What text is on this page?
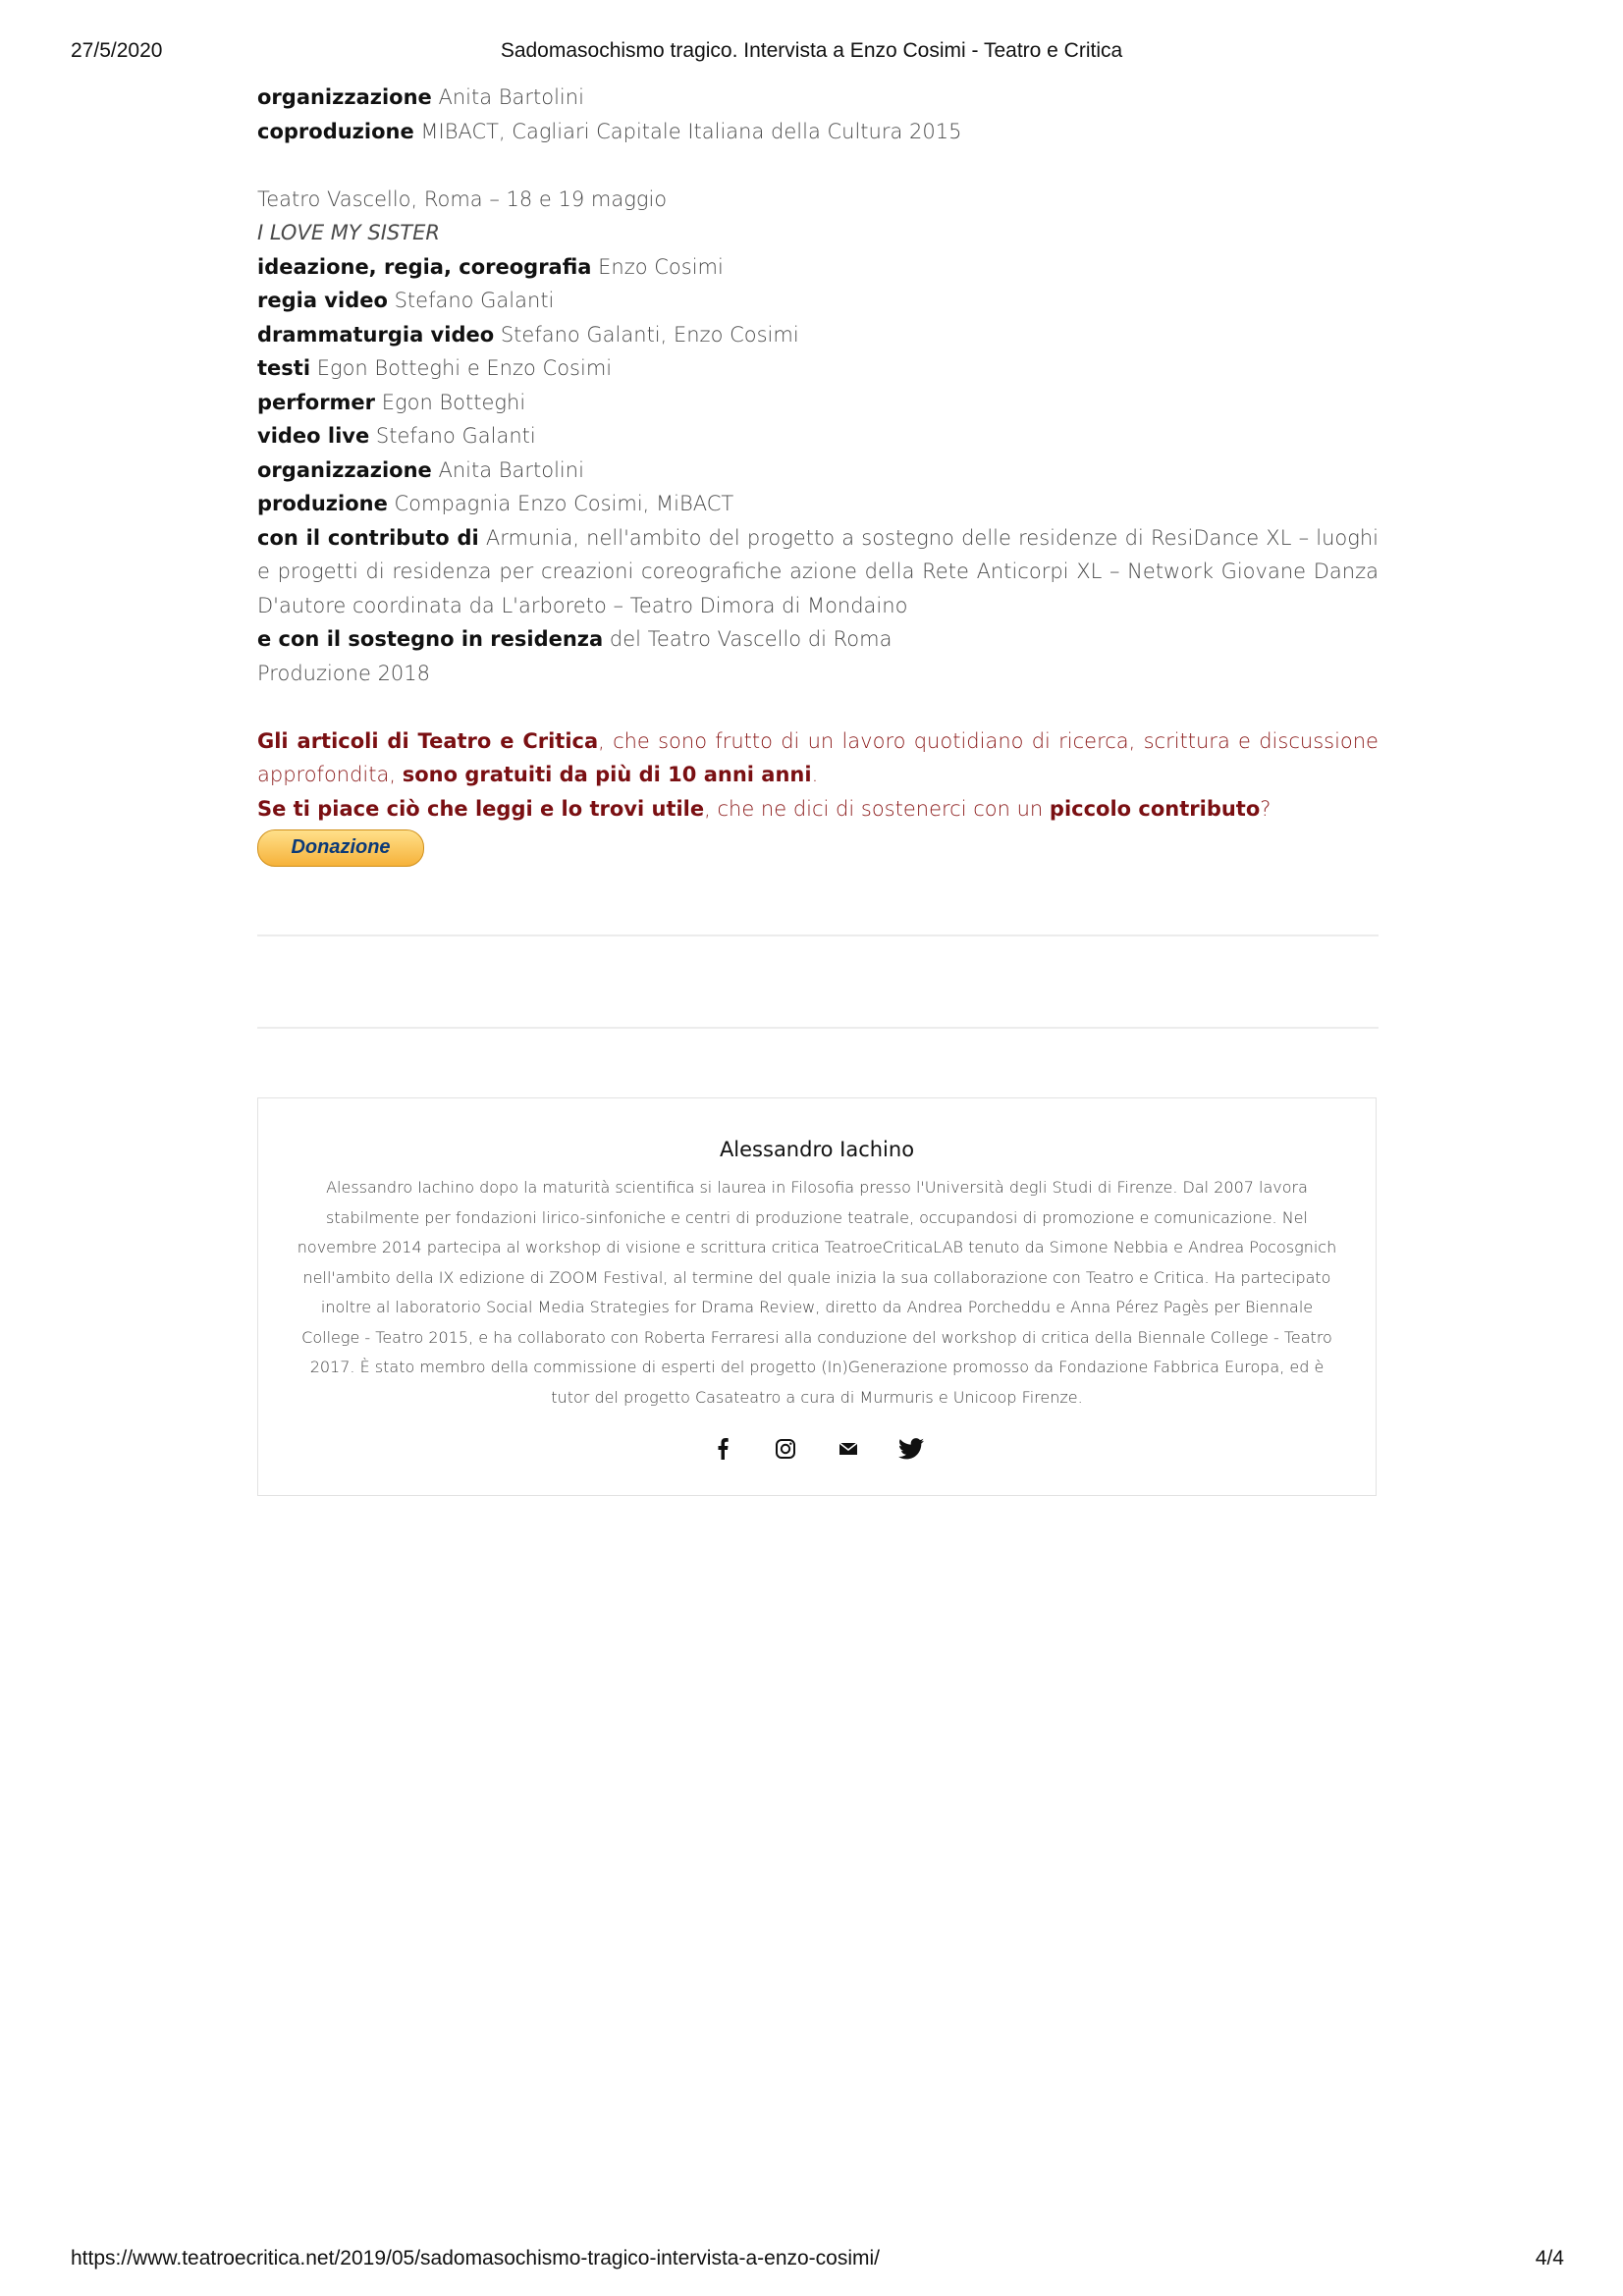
27/5/2020	Sadomasochismo tragico. Intervista a Enzo Cosimi - Teatro e Critica
organizzazione Anita Bartolini
coproduzione MIBACT, Cagliari Capitale Italiana della Cultura 2015
Teatro Vascello, Roma – 18 e 19 maggio
I LOVE MY SISTER
ideazione, regia, coreografia Enzo Cosimi
regia video Stefano Galanti
drammaturgia video Stefano Galanti, Enzo Cosimi
testi Egon Botteghi e Enzo Cosimi
performer Egon Botteghi
video live Stefano Galanti
organizzazione Anita Bartolini
produzione Compagnia Enzo Cosimi, MiBACT
con il contributo di Armunia, nell'ambito del progetto a sostegno delle residenze di ResiDance XL – luoghi e progetti di residenza per creazioni coreografiche azione della Rete Anticorpi XL – Network Giovane Danza D'autore coordinata da L'arboreto – Teatro Dimora di Mondaino
e con il sostegno in residenza del Teatro Vascello di Roma
Produzione 2018
Gli articoli di Teatro e Critica, che sono frutto di un lavoro quotidiano di ricerca, scrittura e discussione approfondita, sono gratuiti da più di 10 anni anni.
Se ti piace ciò che leggi e lo trovi utile, che ne dici di sostenerci con un piccolo contributo?
Donazione
Alessandro Iachino
Alessandro Iachino dopo la maturità scientifica si laurea in Filosofia presso l'Università degli Studi di Firenze. Dal 2007 lavora stabilmente per fondazioni lirico-sinfoniche e centri di produzione teatrale, occupandosi di promozione e comunicazione. Nel novembre 2014 partecipa al workshop di visione e scrittura critica TeatroeCriticaLAB tenuto da Simone Nebbia e Andrea Pocosgnich nell'ambito della IX edizione di ZOOM Festival, al termine del quale inizia la sua collaborazione con Teatro e Critica. Ha partecipato inoltre al laboratorio Social Media Strategies for Drama Review, diretto da Andrea Porcheddu e Anna Pérez Pagès per Biennale College - Teatro 2015, e ha collaborato con Roberta Ferraresi alla conduzione del workshop di critica della Biennale College - Teatro 2017. È stato membro della commissione di esperti del progetto (In)Generazione promosso da Fondazione Fabbrica Europa, ed è tutor del progetto Casateatro a cura di Murmuris e Unicoop Firenze.
https://www.teatroecritica.net/2019/05/sadomasochismo-tragico-intervista-a-enzo-cosimi/	4/4
